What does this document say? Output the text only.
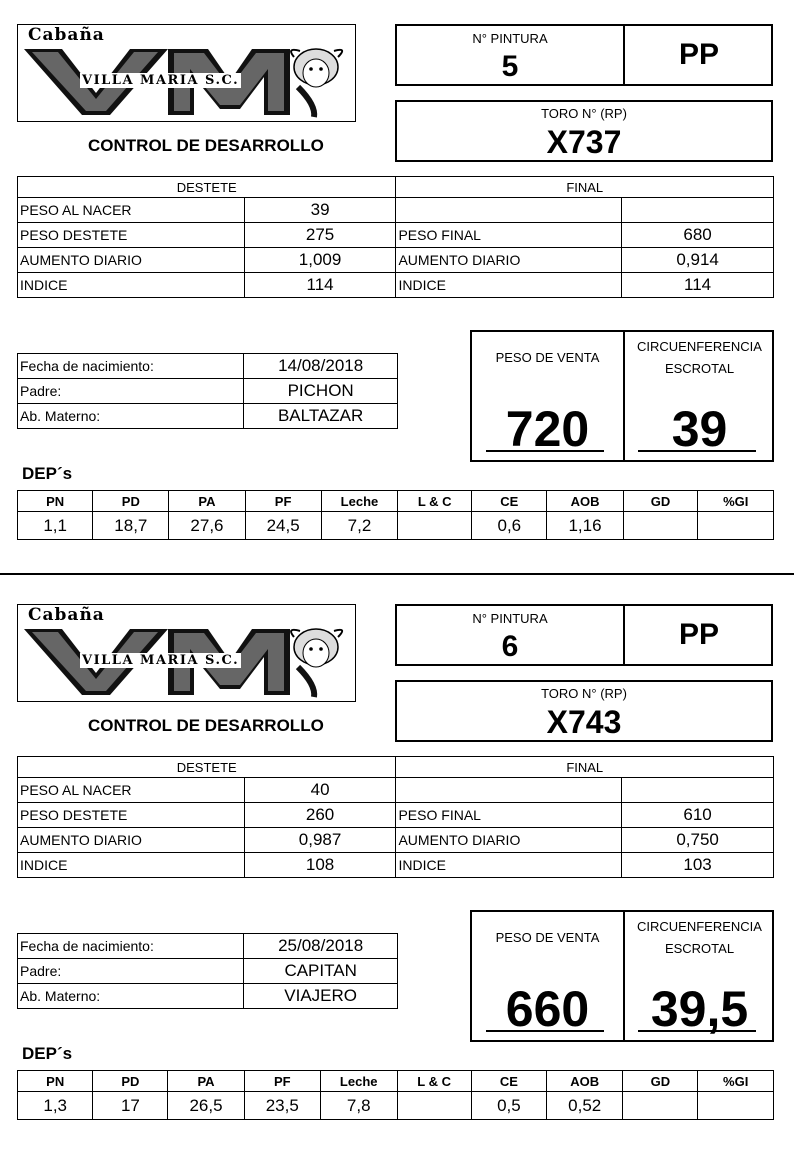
Cabaña
VILLA MARIA S.C.
CONTROL DE DESARROLLO
N° PINTURA
5	PP
TORO N° (RP)
X737
DESTETE		FINAL	
PESO AL NACER	39		
PESO DESTETE	275	PESO FINAL	680
AUMENTO DIARIO	1,009	AUMENTO DIARIO	0,914
INDICE	114	INDICE	114
Fecha de nacimiento:	14/08/2018
Padre:	PICHON
Ab. Materno:	BALTAZAR
PESO DE VENTA
720
CIRCUENFERENCIA
ESCROTAL
39
DEP´s
PN	PD	PA	PF	Leche	L & C	CE	AOB	GD	%GI
1,1	18,7	27,6	24,5	7,2		0,6	1,16		
Cabaña
VILLA MARIA S.C.
CONTROL DE DESARROLLO
N° PINTURA
6	PP
TORO N° (RP)
X743
DESTETE		FINAL	
PESO AL NACER	40		
PESO DESTETE	260	PESO FINAL	610
AUMENTO DIARIO	0,987	AUMENTO DIARIO	0,750
INDICE	108	INDICE	103
Fecha de nacimiento:	25/08/2018
Padre:	CAPITAN
Ab. Materno:	VIAJERO
PESO DE VENTA
660
CIRCUENFERENCIA
ESCROTAL
39,5
DEP´s
PN	PD	PA	PF	Leche	L & C	CE	AOB	GD	%GI
1,3	17	26,5	23,5	7,8		0,5	0,52		
